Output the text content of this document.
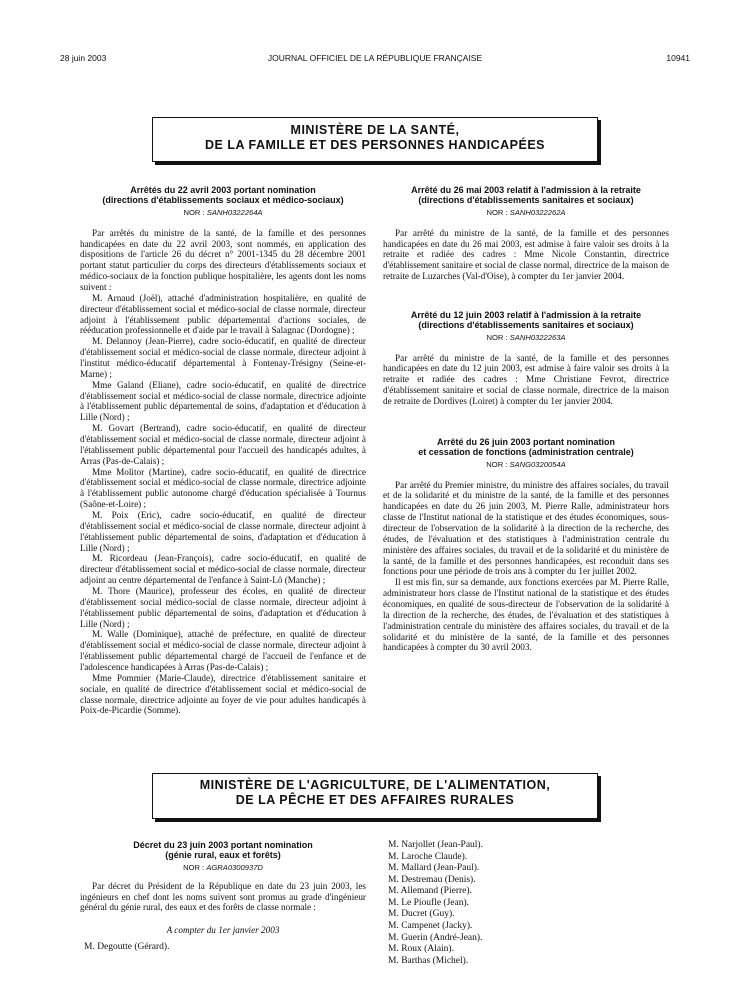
28 juin 2003	JOURNAL OFFICIEL DE LA RÉPUBLIQUE FRANÇAISE	10941
MINISTÈRE DE LA SANTÉ,
DE LA FAMILLE ET DES PERSONNES HANDICAPÉES
Arrêtés du 22 avril 2003 portant nomination
(directions d'établissements sociaux et médico-sociaux)
NOR : SANH0322264A

Par arrêtés du ministre de la santé, de la famille et des personnes handicapées en date du 22 avril 2003, sont nommés, en application des dispositions de l'article 26 du décret n° 2001-1345 du 28 décembre 2001 portant statut particulier du corps des directeurs d'établissements sociaux et médico-sociaux de la fonction publique hospitalière, les agents dont les noms suivent :

M. Arnaud (Joël), attaché d'administration hospitalière, en qualité de directeur d'établissement social et médico-social de classe normale, directeur adjoint à l'établissement public départemental d'actions sociales, de rééducation professionnelle et d'aide par le travail à Salagnac (Dordogne) ;

M. Delannoy (Jean-Pierre), cadre socio-éducatif, en qualité de directeur d'établissement social et médico-social de classe normale, directeur adjoint à l'institut médico-éducatif départemental à Fontenay-Trésigny (Seine-et-Marne) ;

Mme Galand (Eliane), cadre socio-éducatif, en qualité de directrice d'établissement social et médico-social de classe normale, directrice adjointe à l'établissement public départemental de soins, d'adaptation et d'éducation à Lille (Nord) ;

M. Govart (Bertrand), cadre socio-éducatif, en qualité de directeur d'établissement social et médico-social de classe normale, directeur adjoint à l'établissement public départemental pour l'accueil des handicapés adultes, à Arras (Pas-de-Calais) ;

Mme Molitor (Martine), cadre socio-éducatif, en qualité de directrice d'établissement social et médico-social de classe normale, directrice adjointe à l'établissement public autonome chargé d'éducation spécialisée à Tournus (Saône-et-Loire) ;

M. Poix (Eric), cadre socio-éducatif, en qualité de directeur d'établissement social et médico-social de classe normale, directeur adjoint à l'établissement public départemental de soins, d'adaptation et d'éducation à Lille (Nord) ;

M. Ricordeau (Jean-François), cadre socio-éducatif, en qualité de directeur d'établissement social et médico-social de classe normale, directeur adjoint au centre départemental de l'enfance à Saint-Lô (Manche) ;

M. Thore (Maurice), professeur des écoles, en qualité de directeur d'établissement social médico-social de classe normale, directeur adjoint à l'établissement public départemental de soins, d'adaptation et d'éducation à Lille (Nord) ;

M. Walle (Dominique), attaché de préfecture, en qualité de directeur d'établissement social et médico-social de classe normale, directeur adjoint à l'établissement public départemental chargé de l'accueil de l'enfance et de l'adolescence handicapées à Arras (Pas-de-Calais) ;

Mme Pommier (Marie-Claude), directrice d'établissement sanitaire et sociale, en qualité de directrice d'établissement social et médico-social de classe normale, directrice adjointe au foyer de vie pour adultes handicapés à Poix-de-Picardie (Somme).

Arrêté du 26 mai 2003 relatif à l'admission à la retraite
(directions d'établissements sanitaires et sociaux)
NOR : SANH0322262A

Par arrêté du ministre de la santé, de la famille et des personnes handicapées en date du 26 mai 2003, est admise à faire valoir ses droits à la retraite et radiée des cadres : Mme Nicole Constantin, directrice d'établissement sanitaire et social de classe normal, directrice de la maison de retraite de Luzarches (Val-d'Oise), à compter du 1er janvier 2004.

Arrêté du 12 juin 2003 relatif à l'admission à la retraite
(directions d'établissements sanitaires et sociaux)
NOR : SANH0322263A

Par arrêté du ministre de la santé, de la famille et des personnes handicapées en date du 12 juin 2003, est admise à faire valoir ses droits à la retraite et radiée des cadres : Mme Christiane Fevrot, directrice d'établissement sanitaire et social de classe normale, directrice de la maison de retraite de Dordives (Loiret) à compter du 1er janvier 2004.

Arrêté du 26 juin 2003 portant nomination
et cessation de fonctions (administration centrale)
NOR : SANG0320054A

Par arrêté du Premier ministre, du ministre des affaires sociales, du travail et de la solidarité et du ministre de la santé, de la famille et des personnes handicapées en date du 26 juin 2003, M. Pierre Ralle, administrateur hors classe de l'Institut national de la statistique et des études économiques, sous-directeur de l'observation de la solidarité à la direction de la recherche, des études, de l'évaluation et des statistiques à l'administration centrale du ministère des affaires sociales, du travail et de la solidarité et du ministère de la santé, de la famille et des personnes handicapées, est reconduit dans ses fonctions pour une période de trois ans à compter du 1er juillet 2002.

Il est mis fin, sur sa demande, aux fonctions exercées par M. Pierre Ralle, administrateur hors classe de l'Institut national de la statistique et des études économiques, en qualité de sous-directeur de l'observation de la solidarité à la direction de la recherche, des études, de l'évaluation et des statistiques à l'administration centrale du ministère des affaires sociales, du travail et de la solidarité et du ministère de la santé, de la famille et des personnes handicapées à compter du 30 avril 2003.

MINISTÈRE DE L'AGRICULTURE, DE L'ALIMENTATION,
DE LA PÊCHE ET DES AFFAIRES RURALES
Décret du 23 juin 2003 portant nomination
(génie rural, eaux et forêts)
NOR : AGRA0300937D

Par décret du Président de la République en date du 23 juin 2003, les ingénieurs en chef dont les noms suivent sont promus au grade d'ingénieur général du génie rural, des eaux et des forêts de classe normale :

A compter du 1er janvier 2003
M. Degoutte (Gérard).
M. Narjollet (Jean-Paul).
M. Laroche Claude).
M. Mallard (Jean-Paul).
M. Destremau (Denis).
M. Allemand (Pierre).
M. Le Pioufle (Jean).
M. Ducret (Guy).
M. Campenet (Jacky).
M. Guerin (André-Jean).
M. Roux (Alain).
M. Barthas (Michel).
